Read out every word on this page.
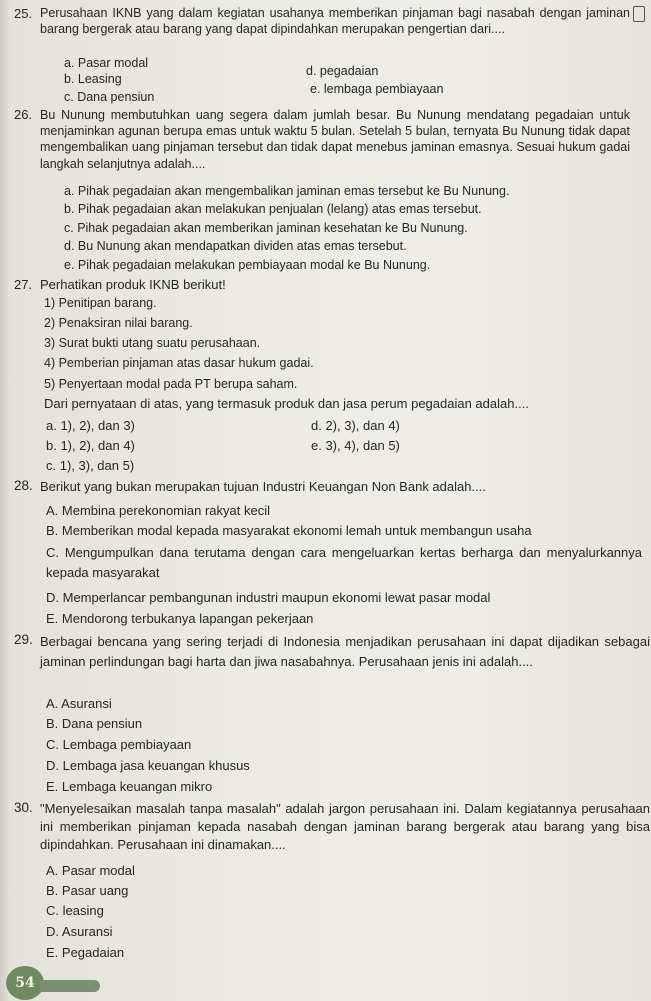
25. Perusahaan IKNB yang dalam kegiatan usahanya memberikan pinjaman bagi nasabah dengan jaminan barang bergerak atau barang yang dapat dipindahkan merupakan pengertian dari....
a. Pasar modal
b. Leasing
c. Dana pensiun
d. pegadaian
e. lembaga pembiayaan
26. Bu Nunung membutuhkan uang segera dalam jumlah besar. Bu Nunung mendatang pegadaian untuk menjaminkan agunan berupa emas untuk waktu 5 bulan. Setelah 5 bulan, ternyata Bu Nunung tidak dapat mengembalikan uang pinjaman tersebut dan tidak dapat menebus jaminan emasnya. Sesuai hukum gadai langkah selanjutnya adalah....
a. Pihak pegadaian akan mengembalikan jaminan emas tersebut ke Bu Nunung.
b. Pihak pegadaian akan melakukan penjualan (lelang) atas emas tersebut.
c. Pihak pegadaian akan memberikan jaminan kesehatan ke Bu Nunung.
d. Bu Nunung akan mendapatkan dividen atas emas tersebut.
e. Pihak pegadaian melakukan pembiayaan modal ke Bu Nunung.
27. Perhatikan produk IKNB berikut!
1) Penitipan barang.
2) Penaksiran nilai barang.
3) Surat bukti utang suatu perusahaan.
4) Pemberian pinjaman atas dasar hukum gadai.
5) Penyertaan modal pada PT berupa saham.
Dari pernyataan di atas, yang termasuk produk dan jasa perum pegadaian adalah....
a. 1), 2), dan 3)	d. 2), 3), dan 4)
b. 1), 2), dan 4)	e. 3), 4), dan 5)
c. 1), 3), dan 5)
28. Berikut yang bukan merupakan tujuan Industri Keuangan Non Bank adalah....
A. Membina perekonomian rakyat kecil
B. Memberikan modal kepada masyarakat ekonomi lemah untuk membangun usaha
C. Mengumpulkan dana terutama dengan cara mengeluarkan kertas berharga dan menyalurkannya kepada masyarakat
D. Memperlancar pembangunan industri maupun ekonomi lewat pasar modal
E. Mendorong terbukanya lapangan pekerjaan
29. Berbagai bencana yang sering terjadi di Indonesia menjadikan perusahaan ini dapat dijadikan sebagai jaminan perlindungan bagi harta dan jiwa nasabahnya. Perusahaan jenis ini adalah....
A. Asuransi
B. Dana pensiun
C. Lembaga pembiayaan
D. Lembaga jasa keuangan khusus
E. Lembaga keuangan mikro
30. "Menyelesaikan masalah tanpa masalah" adalah jargon perusahaan ini. Dalam kegiatannya perusahaan ini memberikan pinjaman kepada nasabah dengan jaminan barang bergerak atau barang yang bisa dipindahkan. Perusahaan ini dinamakan....
A. Pasar modal
B. Pasar uang
C. leasing
D. Asuransi
E. Pegadaian
54
